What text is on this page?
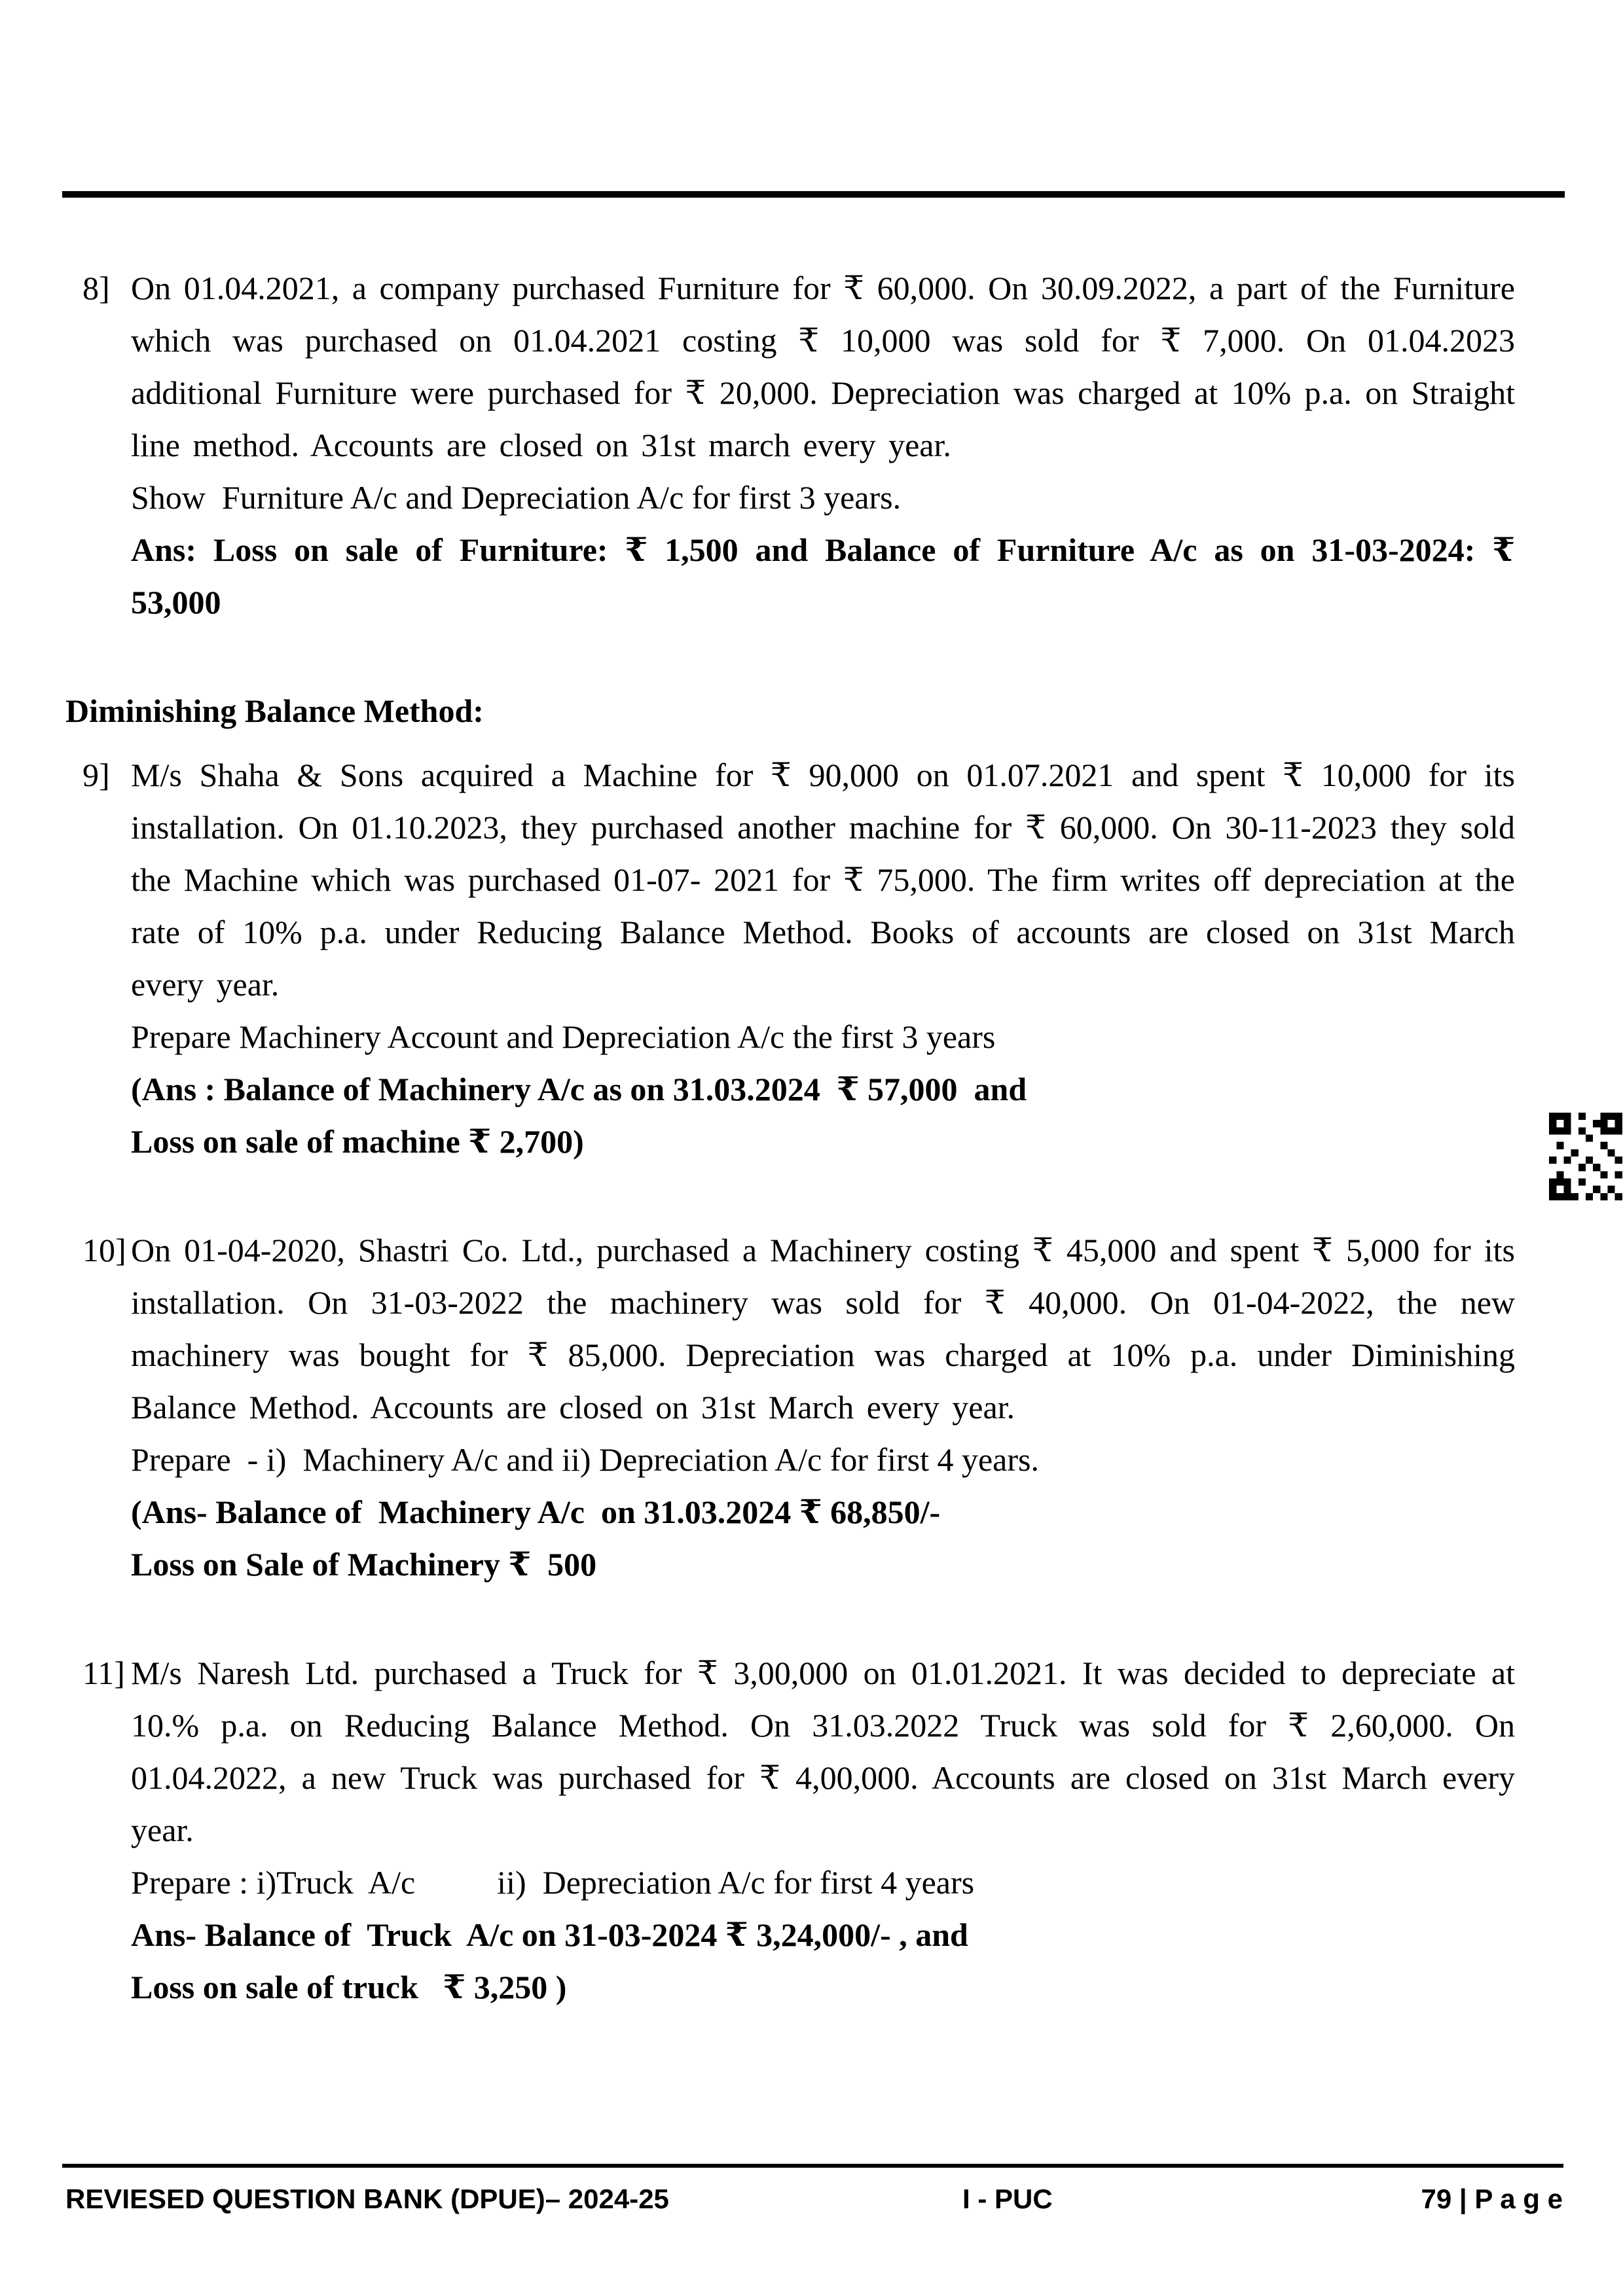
8] On 01.04.2021, a company purchased Furniture for ₹ 60,000. On 30.09.2022, a part of the Furniture which was purchased on 01.04.2021 costing ₹ 10,000 was sold for ₹ 7,000. On 01.04.2023 additional Furniture were purchased for ₹ 20,000. Depreciation was charged at 10% p.a. on Straight line method. Accounts are closed on 31st march every year.

Show  Furniture A/c and Depreciation A/c for first 3 years.

Ans: Loss on sale of Furniture: ₹ 1,500 and Balance of Furniture A/c as on 31-03-2024: ₹ 53,000

Diminishing Balance Method:
9] M/s Shaha & Sons acquired a Machine for ₹ 90,000 on 01.07.2021 and spent ₹ 10,000 for its installation. On 01.10.2023, they purchased another machine for ₹ 60,000. On 30-11-2023 they sold the Machine which was purchased 01-07- 2021 for ₹ 75,000. The firm writes off depreciation at the rate of 10% p.a. under Reducing Balance Method. Books of accounts are closed on 31st March every year.

Prepare Machinery Account and Depreciation A/c the first 3 years

(Ans : Balance of Machinery A/c as on 31.03.2024  ₹ 57,000  and

Loss on sale of machine ₹ 2,700)

10] On 01-04-2020, Shastri Co. Ltd., purchased a Machinery costing ₹ 45,000 and spent ₹ 5,000 for its installation. On 31-03-2022 the machinery was sold for ₹ 40,000. On 01-04-2022, the new machinery was bought for ₹ 85,000. Depreciation was charged at 10% p.a. under Diminishing Balance Method. Accounts are closed on 31st March every year.

Prepare  - i)  Machinery A/c and ii) Depreciation A/c for first 4 years.

(Ans- Balance of  Machinery A/c  on 31.03.2024 ₹ 68,850/-

Loss on Sale of Machinery ₹  500

11] M/s Naresh Ltd. purchased a Truck for ₹ 3,00,000 on 01.01.2021. It was decided to depreciate at 10.% p.a. on Reducing Balance Method. On 31.03.2022 Truck was sold for ₹ 2,60,000. On 01.04.2022, a new Truck was purchased for ₹ 4,00,000. Accounts are closed on 31st March every year.

Prepare : i)Truck  A/c          ii)  Depreciation A/c for first 4 years

Ans- Balance of  Truck  A/c on 31-03-2024 ₹ 3,24,000/- , and

Loss on sale of truck   ₹ 3,250 )

REVIESED QUESTION BANK (DPUE)– 2024-25	I - PUC	79 | P a g e
